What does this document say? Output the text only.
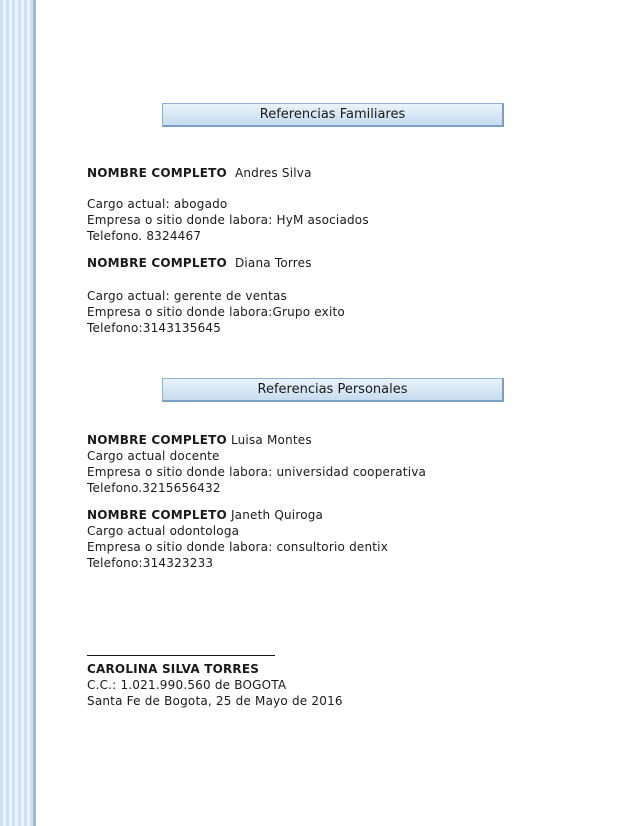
Referencias Familiares
NOMBRE COMPLETO Andres Silva
Cargo actual: abogado
Empresa o sitio donde labora: HyM asociados
Telefono. 8324467
NOMBRE COMPLETO Diana Torres
Cargo actual: gerente de ventas
Empresa o sitio donde labora:Grupo exito
Telefono:3143135645
Referencias Personales
NOMBRE COMPLETO Luisa Montes
Cargo actual docente
Empresa o sitio donde labora: universidad cooperativa
Telefono.3215656432
NOMBRE COMPLETO Janeth Quiroga
Cargo actual odontologa
Empresa o sitio donde labora: consultorio dentix
Telefono:314323233
CAROLINA SILVA TORRES
C.C.: 1.021.990.560 de BOGOTA
Santa Fe de Bogota, 25 de Mayo de 2016
